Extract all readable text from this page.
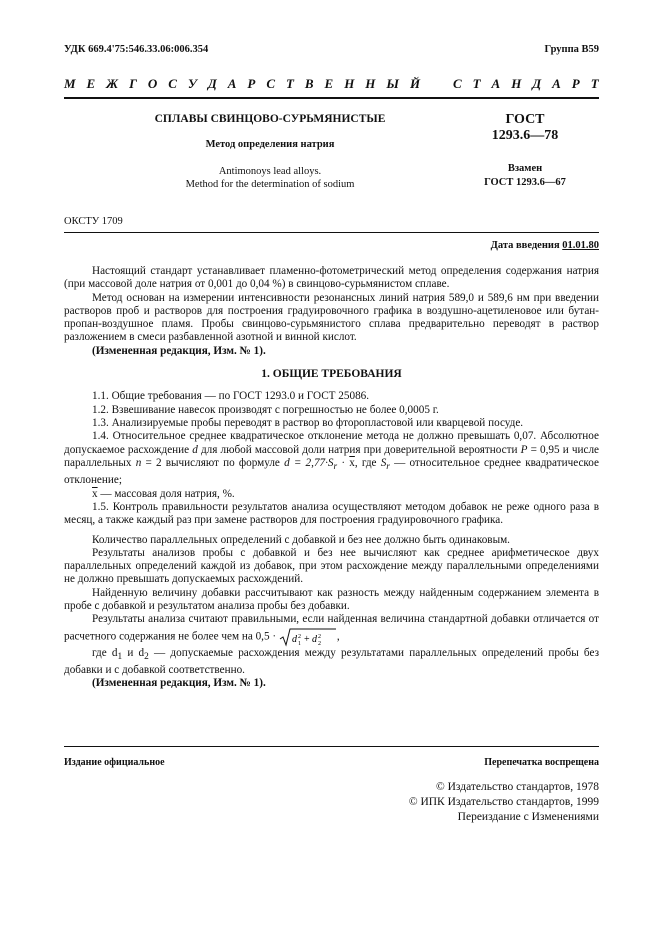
УДК 669.4'75:546.33.06:006.354	Группа В59
М Е Ж Г О С У Д А Р С Т В Е Н Н Ы Й	С Т А Н Д А Р Т
СПЛАВЫ СВИНЦОВО-СУРЬМЯНИСТЫЕ
Метод определения натрия
Antimonoys lead alloys.
Method for the determination of sodium
ГОСТ
1293.6—78
Взамен
ГОСТ 1293.6—67
ОКСТУ 1709
Дата введения 01.01.80

Настоящий стандарт устанавливает пламенно-фотометрический метод определения содержания натрия (при массовой доле натрия от 0,001 до 0,04 %) в свинцово-сурьмянистом сплаве.

Метод основан на измерении интенсивности резонансных линий натрия 589,0 и 589,6 нм при введении растворов проб и растворов для построения градуировочного графика в воздушно-ацетиленовое или бутан-пропан-воздушное пламя. Пробы свинцово-сурьмянистого сплава предварительно переводят в раствор разложением в смеси разбавленной азотной и винной кислот.

(Измененная редакция, Изм. № 1).

1. ОБЩИЕ ТРЕБОВАНИЯ

1.1. Общие требования — по ГОСТ 1293.0 и ГОСТ 25086.

1.2. Взвешивание навесок производят с погрешностью не более 0,0005 г.

1.3. Анализируемые пробы переводят в раствор во фторопластовой или кварцевой посуде.

1.4. Относительное среднее квадратическое отклонение метода не должно превышать 0,07. Абсолютное допускаемое расхождение d для любой массовой доли натрия при доверительной вероятности P = 0,95 и числе параллельных n = 2 вычисляют по формуле $d = 2,77\cdot S_r \cdot \overline{x}$, где $S_r$ — относительное среднее квадратическое отклонение;

$\overline{x}$ — массовая доля натрия, %.

1.5. Контроль правильности результатов анализа осуществляют методом добавок не реже одного раза в месяц, а также каждый раз при замене растворов для построения градуировочного графика.

Количество параллельных определений с добавкой и без нее должно быть одинаковым.

Результаты анализов пробы с добавкой и без нее вычисляют как среднее арифметическое двух параллельных определений каждой из добавок, при этом расхождение между параллельными определениями не должно превышать допускаемых расхождений.

Найденную величину добавки рассчитывают как разность между найденным содержанием элемента в пробе с добавкой и результатом анализа пробы без добавки.

Результаты анализа считают правильными, если найденная величина стандартной добавки отличается от расчетного содержания не более чем на 0,5 · d 2
1 + d 2
2
,

где $d_1$ и $d_2$ — допускаемые расхождения между результатами параллельных определений пробы без добавки и с добавкой соответственно.

(Измененная редакция, Изм. № 1).

Издание официальное	Перепечатка воспрещена
© Издательство стандартов, 1978
© ИПК Издательство стандартов, 1999
Переиздание с Изменениями
